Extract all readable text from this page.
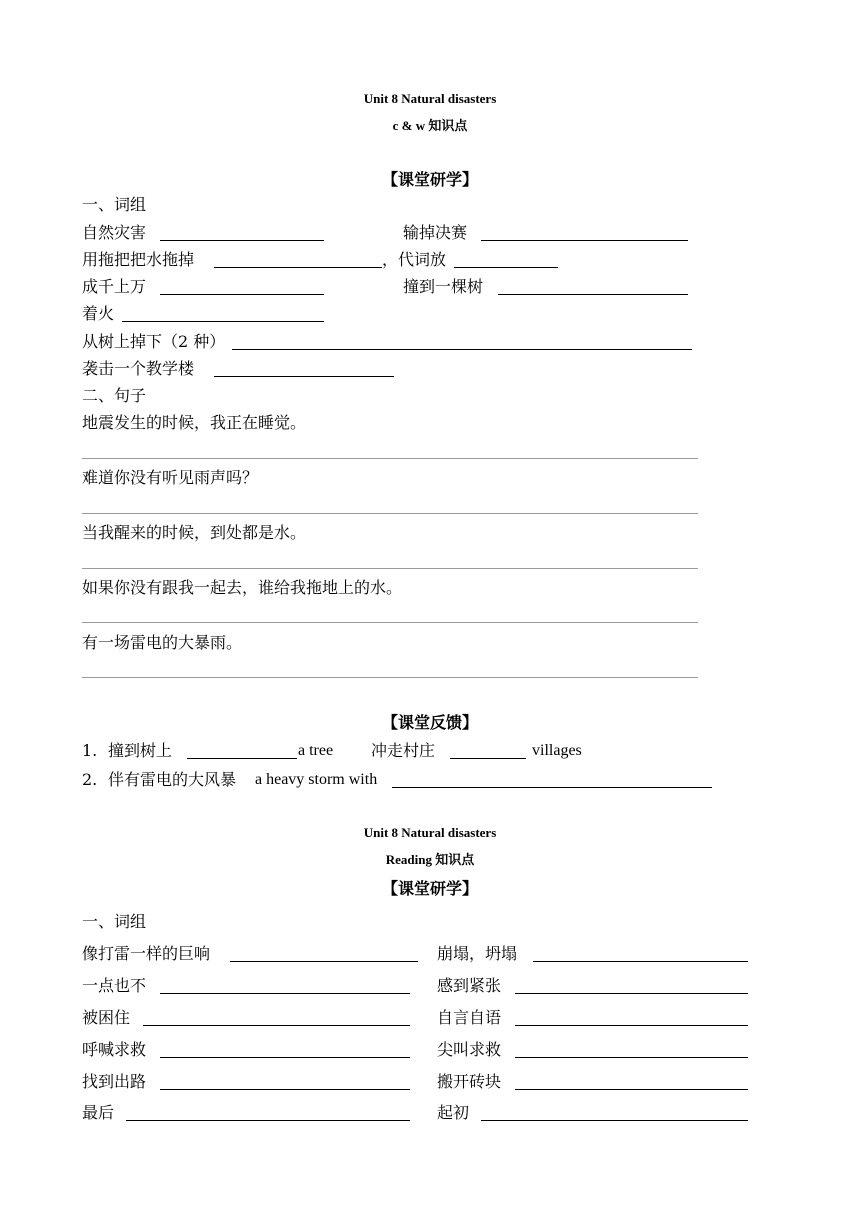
Unit 8 Natural disasters
c & w 知识点
【课堂研学】
一、词组
自然灾害	输掉决赛
用拖把把水拖掉	，代词放
成千上万	撞到一棵树
着火
从树上掉下（2 种）
袭击一个教学楼
二、句子
地震发生的时候，我正在睡觉。
难道你没有听见雨声吗？
当我醒来的时候，到处都是水。
如果你没有跟我一起去，谁给我拖地上的水。
有一场雷电的大暴雨。
【课堂反馈】
1. 撞到树上	a tree 冲走村庄	villages
2. 伴有雷电的大风暴 a heavy storm with
Unit 8 Natural disasters
Reading 知识点
【课堂研学】
一、词组
像打雷一样的巨响	崩塌，坍塌
一点也不	感到紧张
被困住	自言自语
呼喊求救	尖叫求救
找到出路	搬开砖块
最后	起初
